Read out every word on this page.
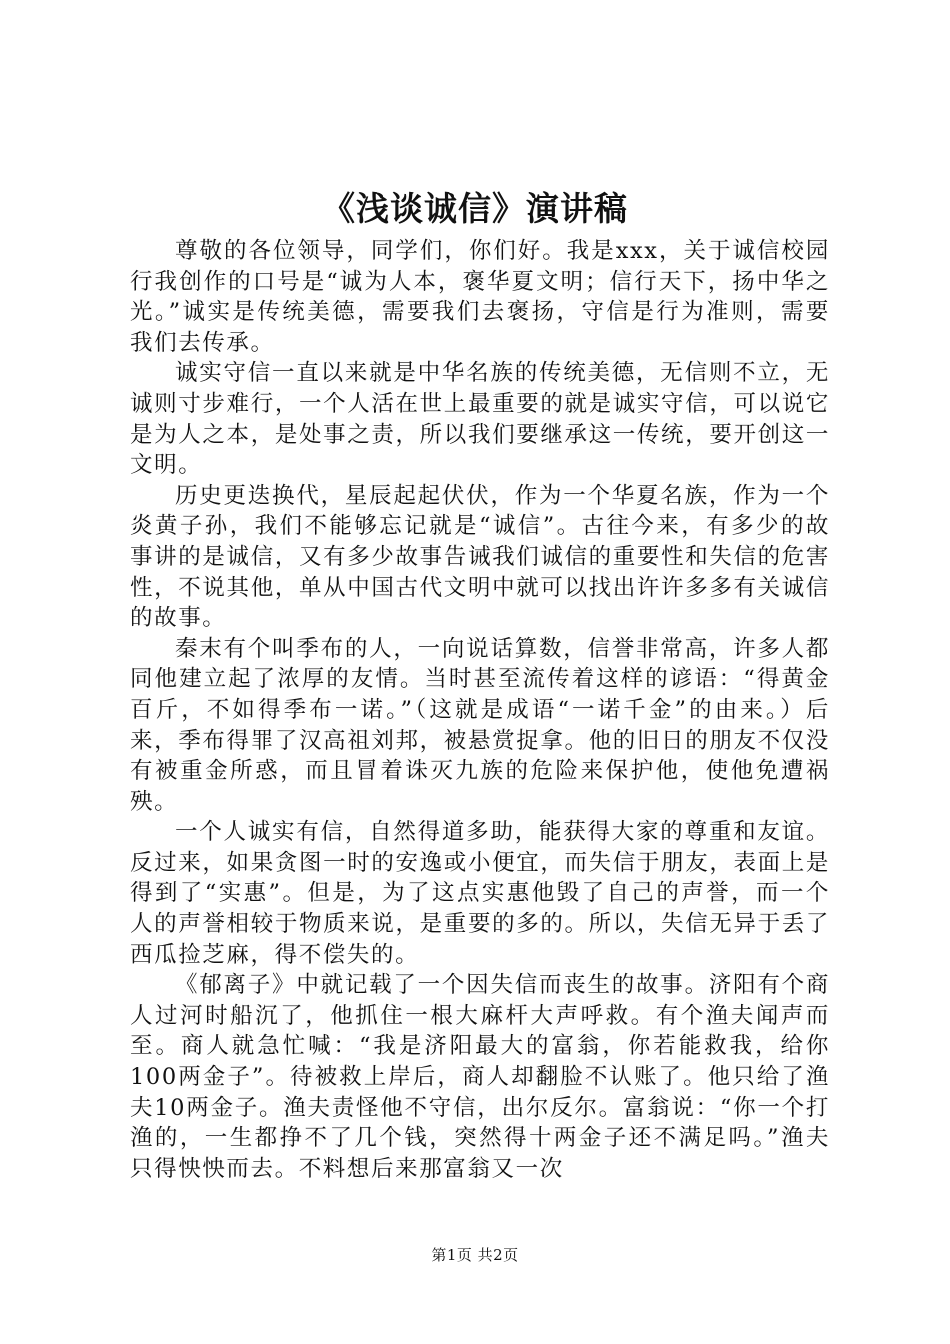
《浅谈诚信》演讲稿

尊敬的各位领导，同学们，你们好。我是xxx，关于诚信校园行我创作的口号是“诚为人本，褒华夏文明；信行天下，扬中华之光。”诚实是传统美德，需要我们去褒扬，守信是行为准则，需要我们去传承。

诚实守信一直以来就是中华名族的传统美德，无信则不立，无诚则寸步难行，一个人活在世上最重要的就是诚实守信，可以说它是为人之本，是处事之责，所以我们要继承这一传统，要开创这一文明。

历史更迭换代，星辰起起伏伏，作为一个华夏名族，作为一个炎黄子孙，我们不能够忘记就是“诚信”。古往今来，有多少的故事讲的是诚信，又有多少故事告诫我们诚信的重要性和失信的危害性，不说其他，单从中国古代文明中就可以找出许许多多有关诚信的故事。

秦末有个叫季布的人，一向说话算数，信誉非常高，许多人都同他建立起了浓厚的友情。当时甚至流传着这样的谚语：“得黄金百斤，不如得季布一诺。”（这就是成语“一诺千金”的由来。）后来，季布得罪了汉高祖刘邦，被悬赏捉拿。他的旧日的朋友不仅没有被重金所惑，而且冒着诛灭九族的危险来保护他，使他免遭祸殃。

一个人诚实有信，自然得道多助，能获得大家的尊重和友谊。反过来，如果贪图一时的安逸或小便宜，而失信于朋友，表面上是得到了“实惠”。但是，为了这点实惠他毁了自己的声誉，而一个人的声誉相较于物质来说，是重要的多的。所以，失信无异于丢了西瓜捡芝麻，得不偿失的。

《郁离子》中就记载了一个因失信而丧生的故事。济阳有个商人过河时船沉了，他抓住一根大麻杆大声呼救。有个渔夫闻声而至。商人就急忙喊：“我是济阳最大的富翁，你若能救我，给你100两金子”。待被救上岸后，商人却翻脸不认账了。他只给了渔夫10两金子。渔夫责怪他不守信，出尔反尔。富翁说：“你一个打渔的，一生都挣不了几个钱，突然得十两金子还不满足吗。”渔夫只得怏怏而去。不料想后来那富翁又一次

第1页 共2页
